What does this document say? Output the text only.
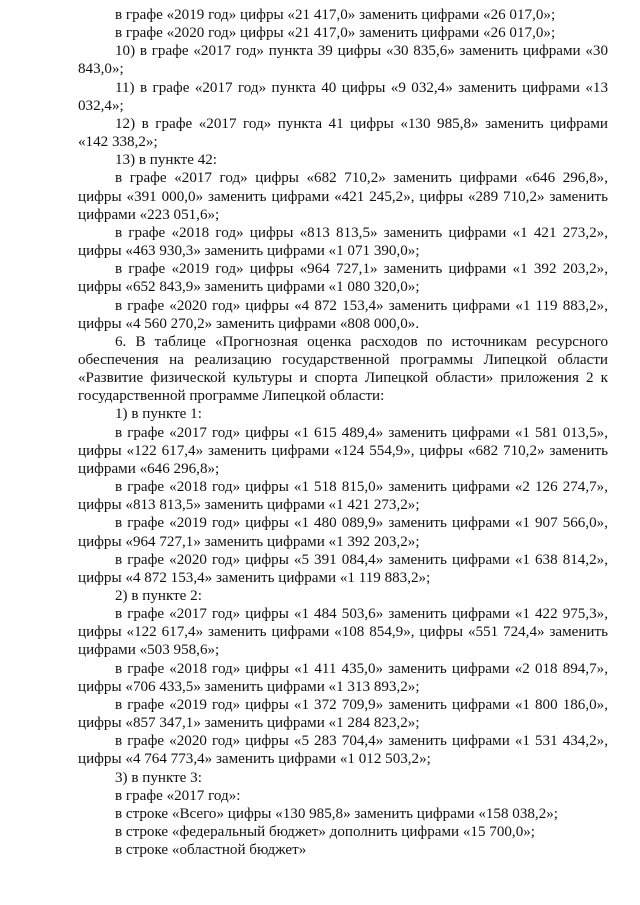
в графе «2019 год» цифры «21 417,0» заменить цифрами «26 017,0»;

в графе «2020 год» цифры «21 417,0» заменить цифрами «26 017,0»;

10) в графе «2017 год» пункта 39 цифры «30 835,6» заменить цифрами «30 843,0»;

11) в графе «2017 год» пункта 40 цифры «9 032,4» заменить цифрами «13 032,4»;

12) в графе «2017 год» пункта 41 цифры «130 985,8» заменить цифрами «142 338,2»;

13) в пункте 42:

в графе «2017 год» цифры «682 710,2» заменить цифрами «646 296,8», цифры «391 000,0» заменить цифрами «421 245,2», цифры «289 710,2» заменить цифрами «223 051,6»;

в графе «2018 год» цифры «813 813,5» заменить цифрами «1 421 273,2», цифры «463 930,3» заменить цифрами «1 071 390,0»;

в графе «2019 год» цифры «964 727,1» заменить цифрами «1 392 203,2», цифры «652 843,9» заменить цифрами «1 080 320,0»;

в графе «2020 год» цифры «4 872 153,4» заменить цифрами «1 119 883,2», цифры «4 560 270,2» заменить цифрами «808 000,0».

6. В таблице «Прогнозная оценка расходов по источникам ресурсного обеспечения на реализацию государственной программы Липецкой области «Развитие физической культуры и спорта Липецкой области» приложения 2 к государственной программе Липецкой области:

1) в пункте 1:

в графе «2017 год» цифры «1 615 489,4» заменить цифрами «1 581 013,5», цифры «122 617,4» заменить цифрами «124 554,9», цифры «682 710,2» заменить цифрами «646 296,8»;

в графе «2018 год» цифры «1 518 815,0» заменить цифрами «2 126 274,7», цифры «813 813,5» заменить цифрами «1 421 273,2»;

в графе «2019 год» цифры «1 480 089,9» заменить цифрами «1 907 566,0», цифры «964 727,1» заменить цифрами «1 392 203,2»;

в графе «2020 год» цифры «5 391 084,4» заменить цифрами «1 638 814,2», цифры «4 872 153,4» заменить цифрами «1 119 883,2»;

2) в пункте 2:

в графе «2017 год» цифры «1 484 503,6» заменить цифрами «1 422 975,3», цифры «122 617,4» заменить цифрами «108 854,9», цифры «551 724,4» заменить цифрами «503 958,6»;

в графе «2018 год» цифры «1 411 435,0» заменить цифрами «2 018 894,7», цифры «706 433,5» заменить цифрами «1 313 893,2»;

в графе «2019 год» цифры «1 372 709,9» заменить цифрами «1 800 186,0», цифры «857 347,1» заменить цифрами «1 284 823,2»;

в графе «2020 год» цифры «5 283 704,4» заменить цифрами «1 531 434,2», цифры «4 764 773,4» заменить цифрами «1 012 503,2»;

3) в пункте 3:

в графе «2017 год»:

в строке «Всего» цифры «130 985,8» заменить цифрами «158 038,2»;

в строке «федеральный бюджет» дополнить цифрами «15 700,0»;

в строке «областной бюджет»
